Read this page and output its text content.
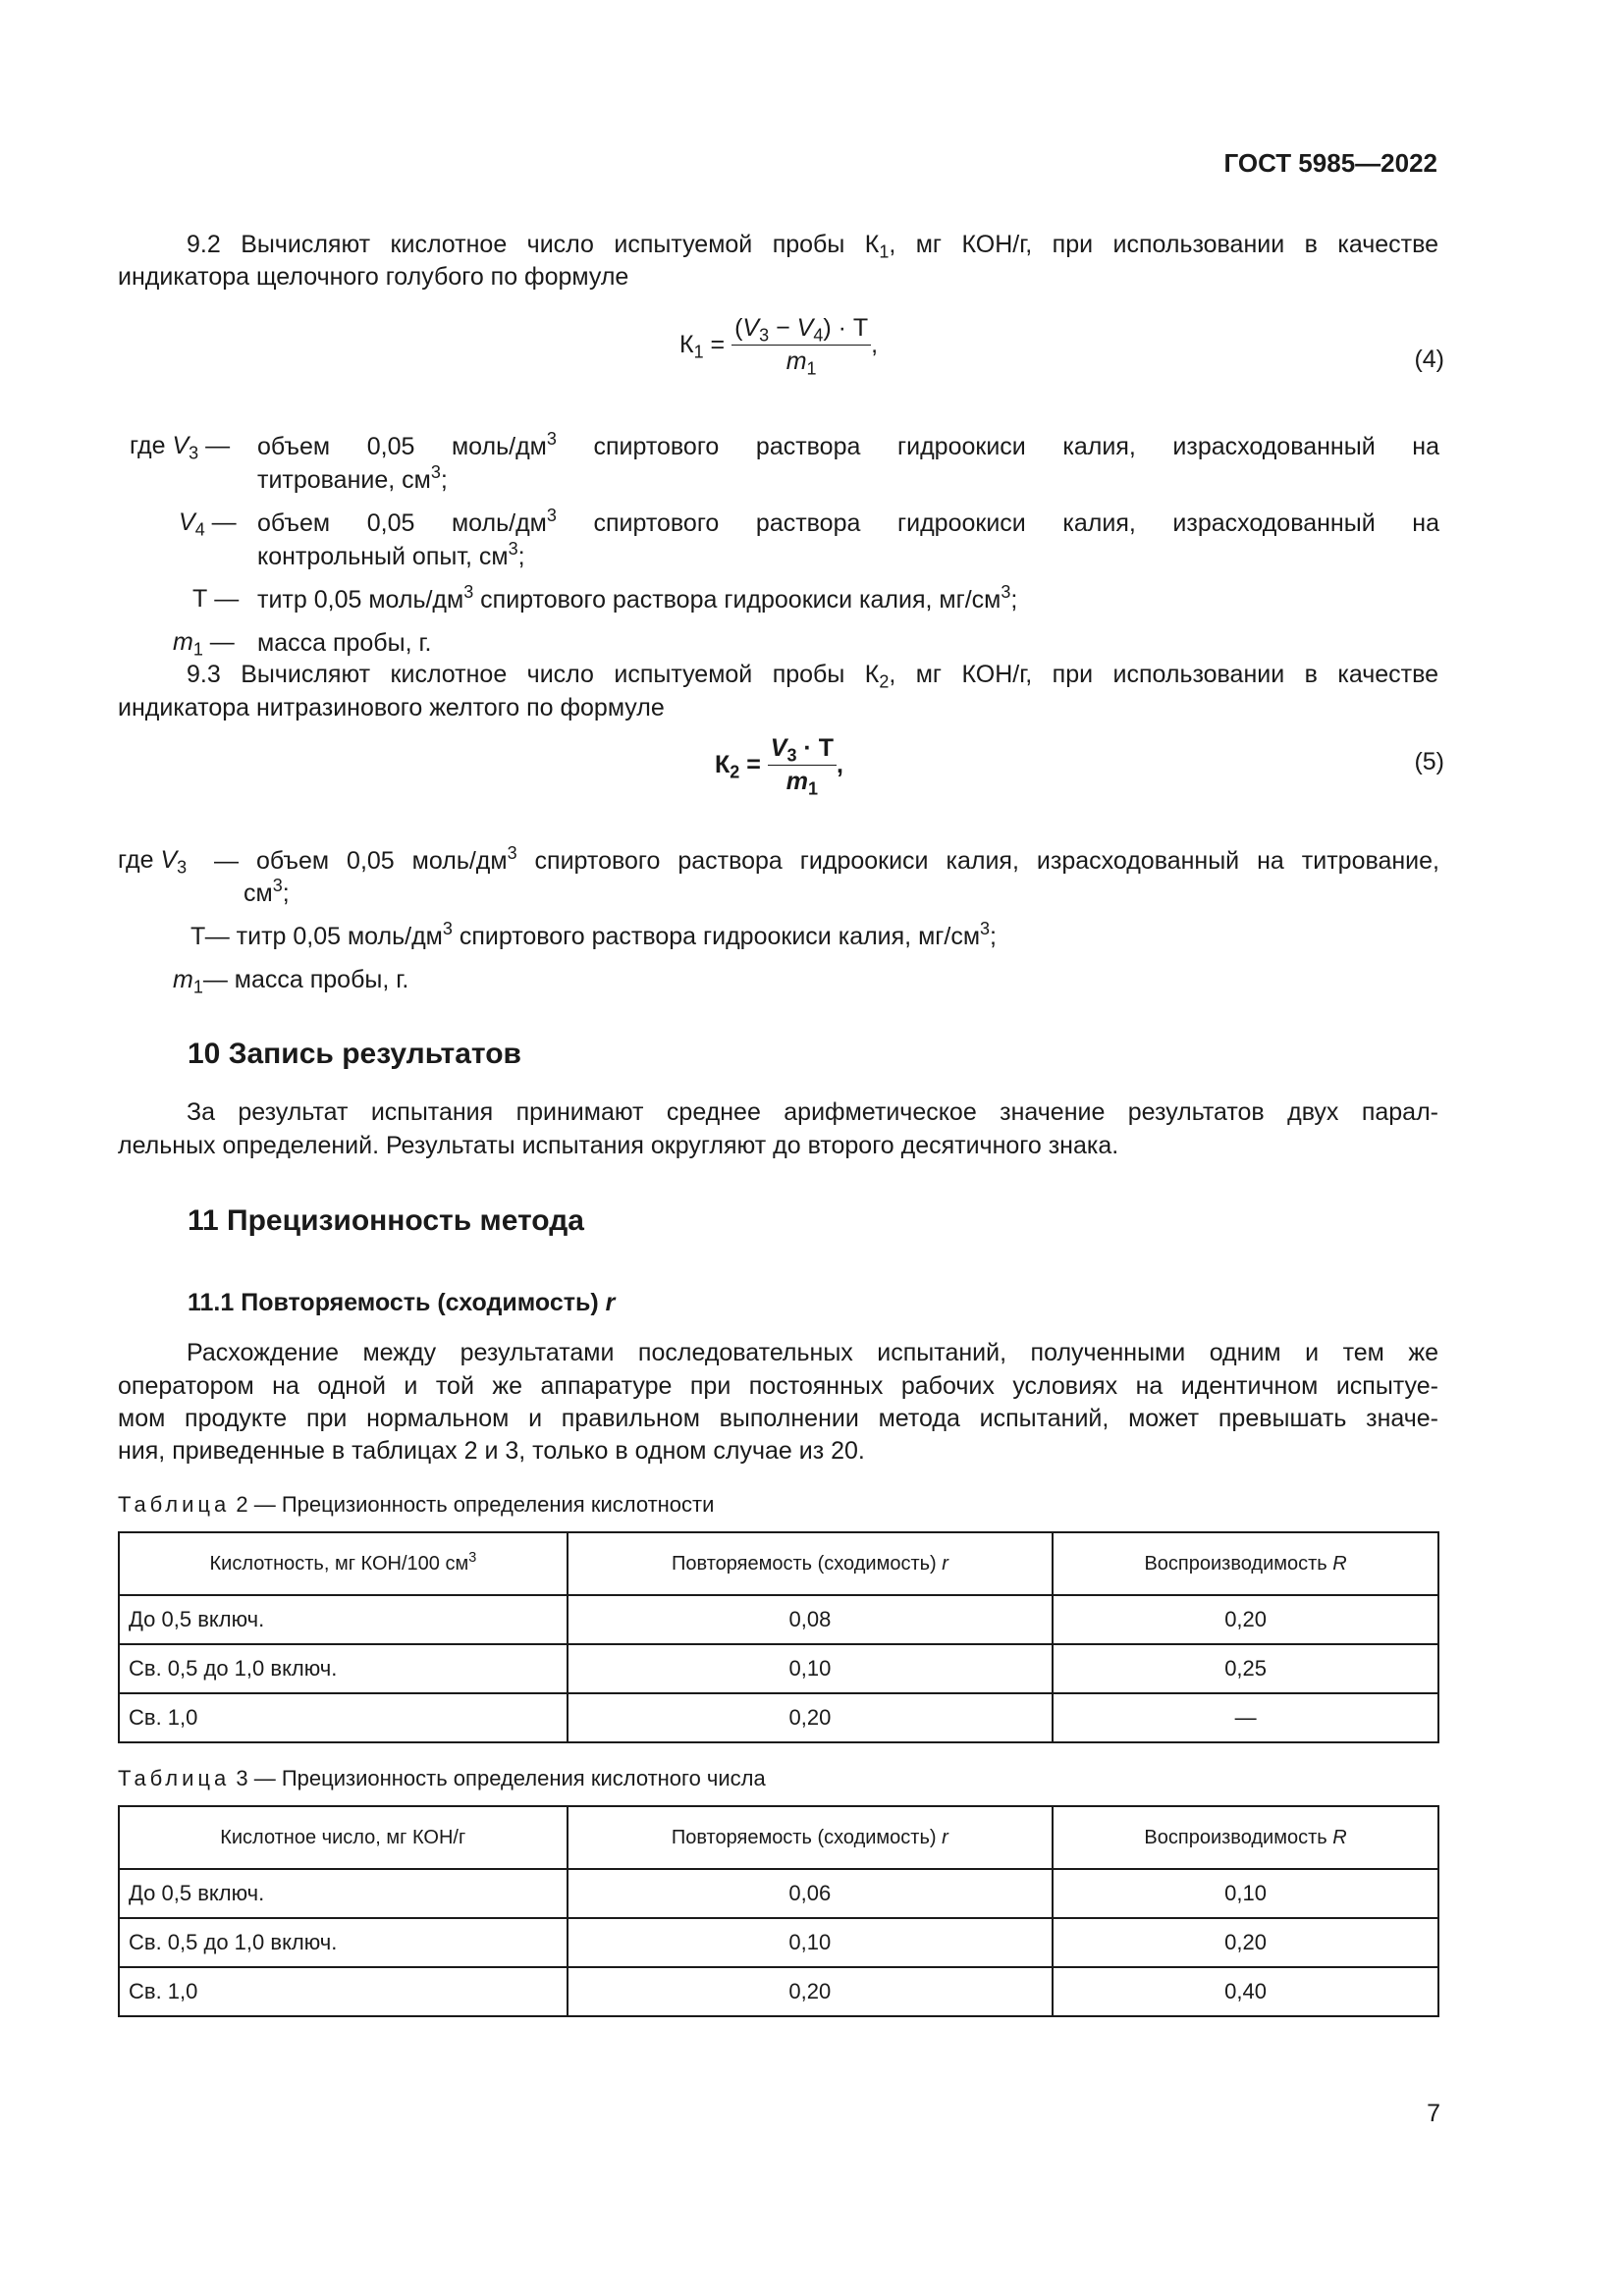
ГОСТ 5985—2022
9.2 Вычисляют кислотное число испытуемой пробы $К_1$, мг КОН/г, при использовании в качестве
индикатора щелочного голубого по формуле
$К_1 = \frac{(V_3 - V_4) \cdot Т}{m_1}$ ,
(4)
где $V_3$ — объем 0,05 моль/$дм^3$ спиртового раствора гидроокиси калия, израсходованный на
титрование, $см^3$;
$V_4$ — объем 0,05 моль/$дм^3$ спиртового раствора гидроокиси калия, израсходованный на
контрольный опыт, $см^3$;
Т — титр 0,05 моль/$дм^3$ спиртового раствора гидроокиси калия, $мг/см^3$;
$m_1$ — масса пробы, г.
9.3 Вычисляют кислотное число испытуемой пробы $К_2$, мг КОН/г, при использовании в качестве
индикатора нитразинового желтого по формуле
$К_2 = \frac{V_3 \cdot Т}{m_1}$ ,	(5)
где $V_3$ — объем 0,05 моль/$дм^3$ спиртового раствора гидроокиси калия, израсходованный на титрование,
$см^3$;
Т— титр 0,05 моль/$дм^3$ спиртового раствора гидроокиси калия, $мг/см^3$;
$m_1—$ масса пробы, г.
10 Запись результатов
За результат испытания принимают среднее арифметическое значение результатов двух парал-
лельных определений. Результаты испытания округляют до второго десятичного знака.
11 Прецизионность метода
11.1 Повторяемость (сходимость) r
Расхождение между результатами последовательных испытаний, полученными одним и тем же
оператором на одной и той же аппаратуре при постоянных рабочих условиях на идентичном испытуе-
мом продукте при нормальном и правильном выполнении метода испытаний, может превышать значе-
ния, приведенные в таблицах 2 и 3, только в одном случае из 20.
Таблица 2 — Прецизионность определения кислотности
Кислотность, мг КОН/100 $см^3$	Повторяемость (сходимость) r	Воспроизводимость R
До 0,5 включ.	0,08	0,20
Св. 0,5 до 1,0 включ.	0,10	0,25
Св. 1,0	0,20	—
Таблица 3 — Прецизионность определения кислотного числа
Кислотное число, мг КОН/г	Повторяемость (сходимость) r	Воспроизводимость R
До 0,5 включ.	0,06	0,10
Св. 0,5 до 1,0 включ.	0,10	0,20
Св. 1,0	0,20	0,40
7
